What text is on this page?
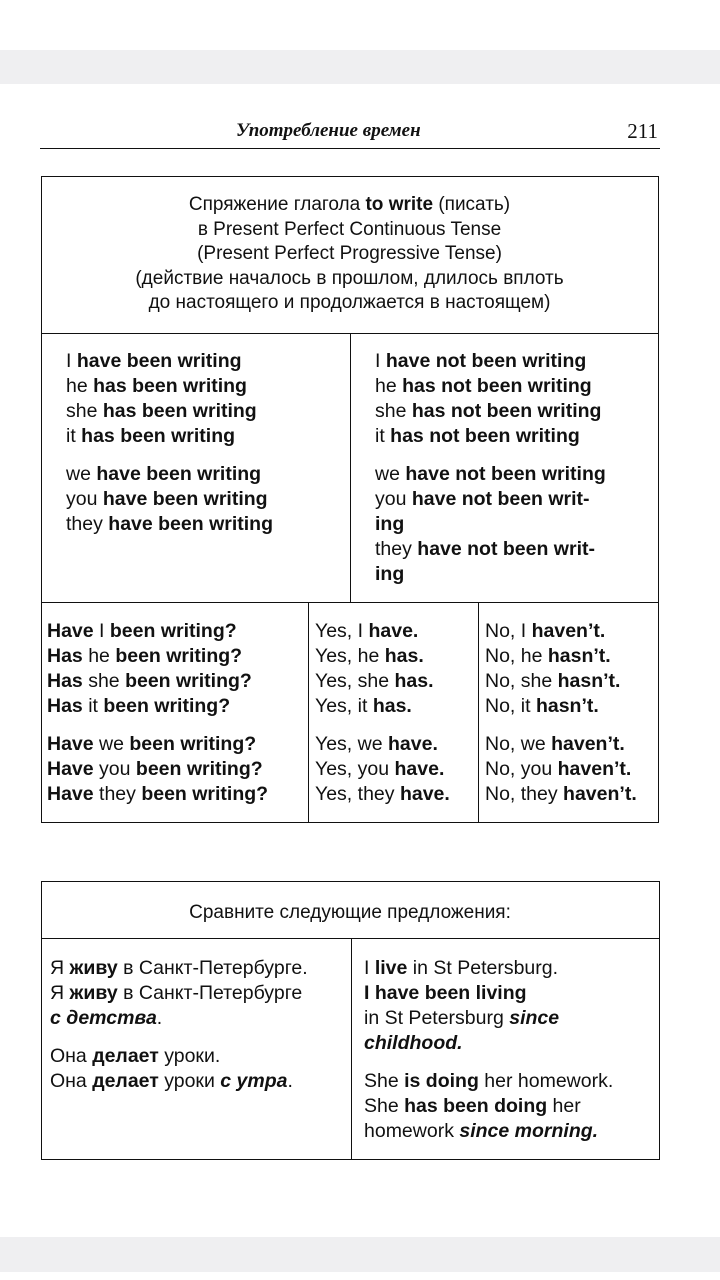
Употребление времен	211
Спряжение глагола to write (писать)
в Present Perfect Continuous Tense
(Present Perfect Progressive Tense)
(действие началось в прошлом, длилось вплоть
до настоящего и продолжается в настоящем)
I have been writing
he has been writing
she has been writing
it has been writing
we have been writing
you have been writing
they have been writing
I have not been writing
he has not been writing
she has not been writing
it has not been writing
we have not been writing
you have not been writ-
ing
they have not been writ-
ing
Have I been writing?
Has he been writing?
Has she been writing?
Has it been writing?
Have we been writing?
Have you been writing?
Have they been writing?
Yes, I have.
Yes, he has.
Yes, she has.
Yes, it has.
Yes, we have.
Yes, you have.
Yes, they have.
No, I haven’t.
No, he hasn’t.
No, she hasn’t.
No, it hasn’t.
No, we haven’t.
No, you haven’t.
No, they haven’t.
Сравните следующие предложения:
Я живу в Санкт-Петербурге.
Я живу в Санкт-Петербурге
с детства.
Она делает уроки.
Она делает уроки с утра.
I live in St Petersburg.
I have been living
in St Petersburg since
childhood.
She is doing her homework.
She has been doing her
homework since morning.
